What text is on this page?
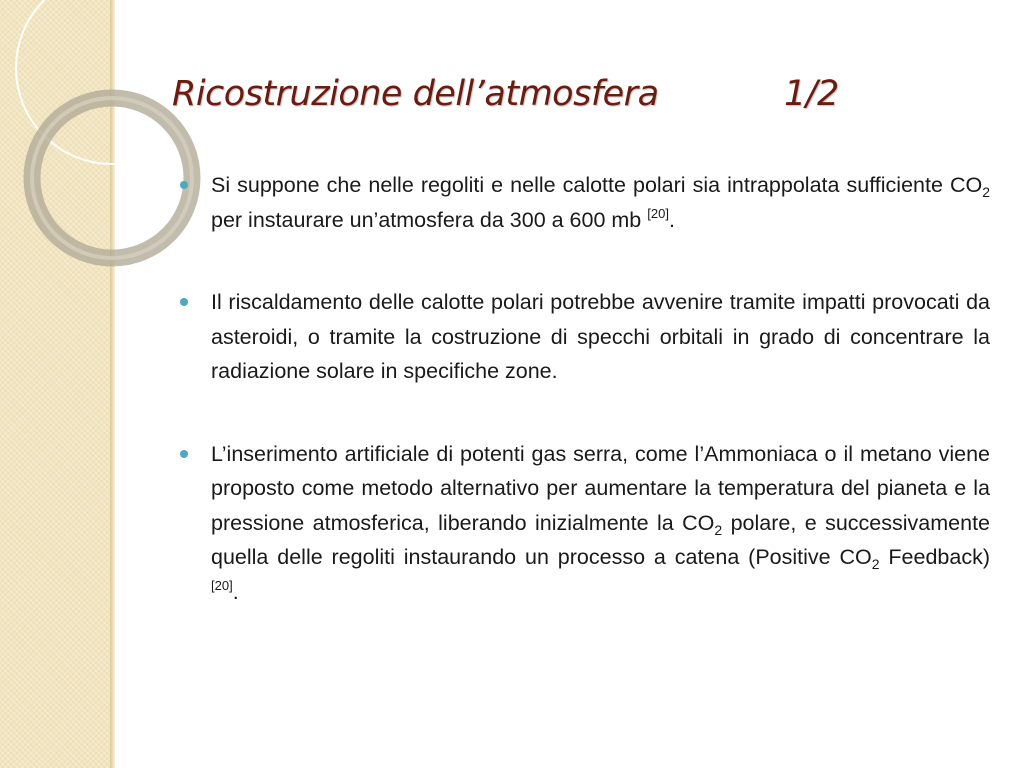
Ricostruzione dell’atmosfera	1/2
Si suppone che nelle regoliti e nelle calotte polari sia intrappolata sufficiente $CO_2$ per instaurare un’atmosfera da 300 a 600 mb [20].
Il riscaldamento delle calotte polari potrebbe avvenire tramite impatti provocati da asteroidi, o tramite la costruzione di specchi orbitali in grado di concentrare la radiazione solare in specifiche zone.
L’inserimento artificiale di potenti gas serra, come l’Ammoniaca o il metano viene proposto come metodo alternativo per aumentare la temperatura del pianeta e la pressione atmosferica, liberando inizialmente la $CO_2$ polare, e successivamente quella delle regoliti instaurando un processo a catena (Positive $CO_2$ Feedback) [20].
